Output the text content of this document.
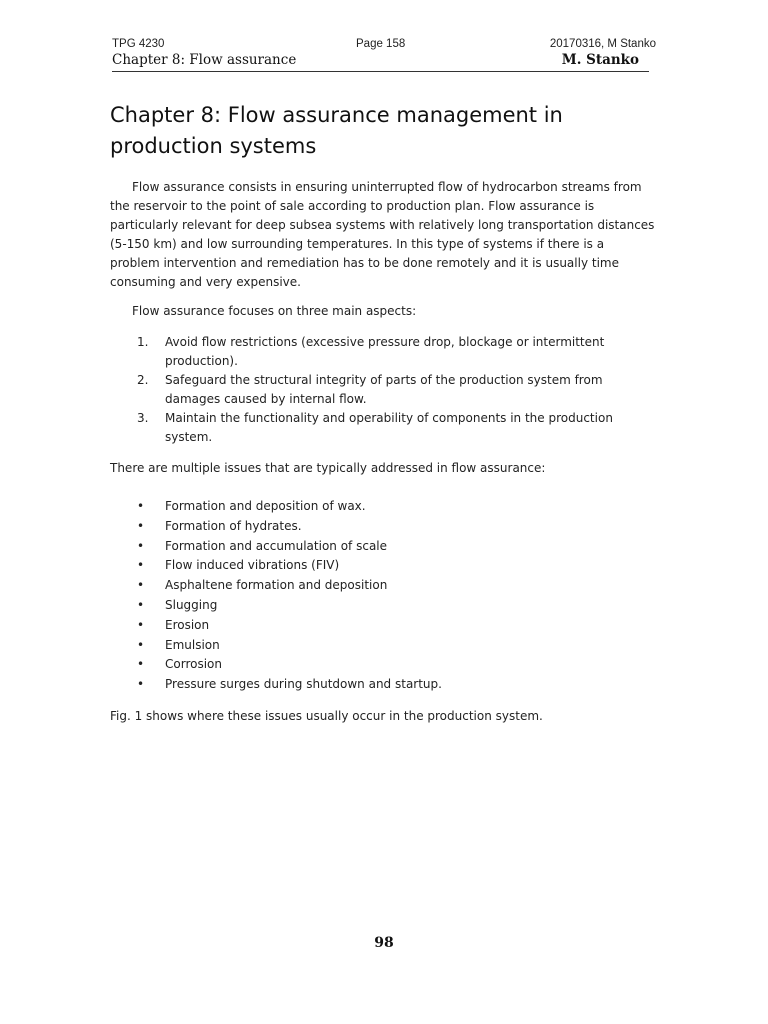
TPG 4230	Page 158	20170316, M Stanko
Chapter 8: Flow assurance	M. Stanko
Chapter 8: Flow assurance management in production systems

Flow assurance consists in ensuring uninterrupted flow of hydrocarbon streams from the reservoir to the point of sale according to production plan. Flow assurance is particularly relevant for deep subsea systems with relatively long transportation distances (5-150 km) and low surrounding temperatures. In this type of systems if there is a problem intervention and remediation has to be done remotely and it is usually time consuming and very expensive.

Flow assurance focuses on three main aspects:

1. Avoid flow restrictions (excessive pressure drop, blockage or intermittent production).
2. Safeguard the structural integrity of parts of the production system from damages caused by internal flow.
3. Maintain the functionality and operability of components in the production system.

There are multiple issues that are typically addressed in flow assurance:

• Formation and deposition of wax.
• Formation of hydrates.
• Formation and accumulation of scale
• Flow induced vibrations (FIV)
• Asphaltene formation and deposition
• Slugging
• Erosion
• Emulsion
• Corrosion
• Pressure surges during shutdown and startup.

Fig. 1 shows where these issues usually occur in the production system.

98
